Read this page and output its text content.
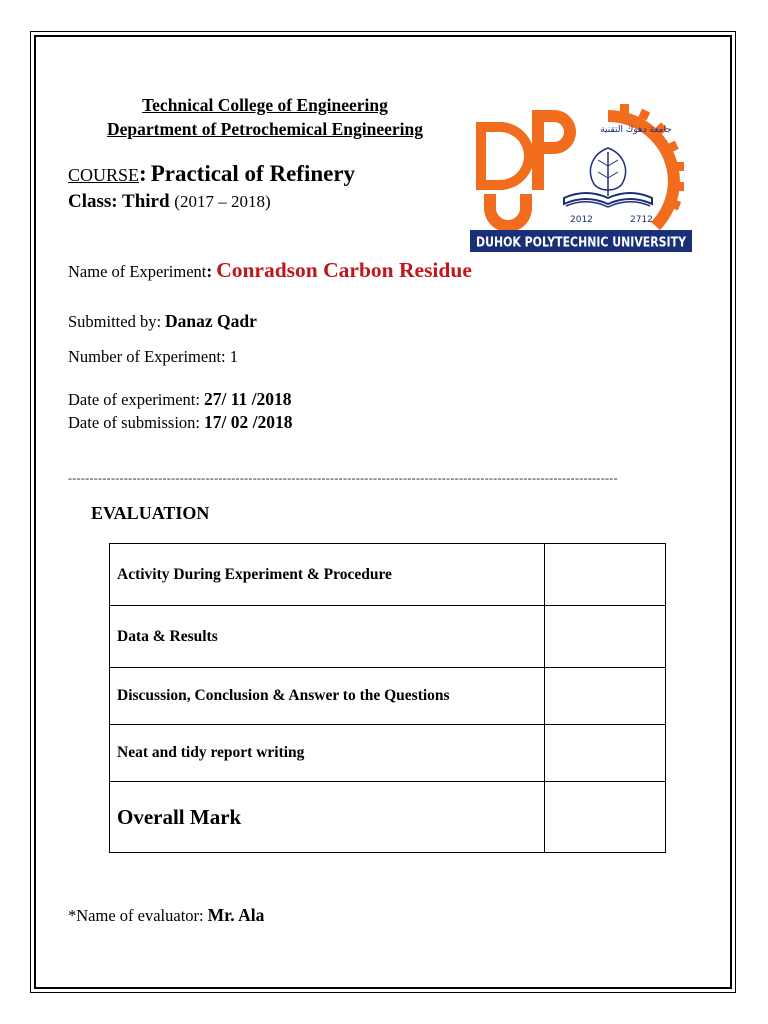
Technical College of Engineering
Department of Petrochemical Engineering
COURSE: Practical of Refinery
Class: Third (2017 – 2018)
Name of Experiment: Conradson Carbon Residue
Submitted by: Danaz Qadr
Number of Experiment: 1
Date of experiment: 27/ 11 /2018
Date of submission: 17/ 02 /2018
--------------------------------------------------------------------------------------------------------------------------------
EVALUATION
Activity During Experiment & Procedure	
Data & Results	
Discussion, Conclusion & Answer to the Questions	
Neat and tidy report writing	
Overall Mark	
*Name of evaluator: Mr. Ala
جامعة دهوك التقنية
2012	2712
DUHOK POLYTECHNIC UNIVERSITY
